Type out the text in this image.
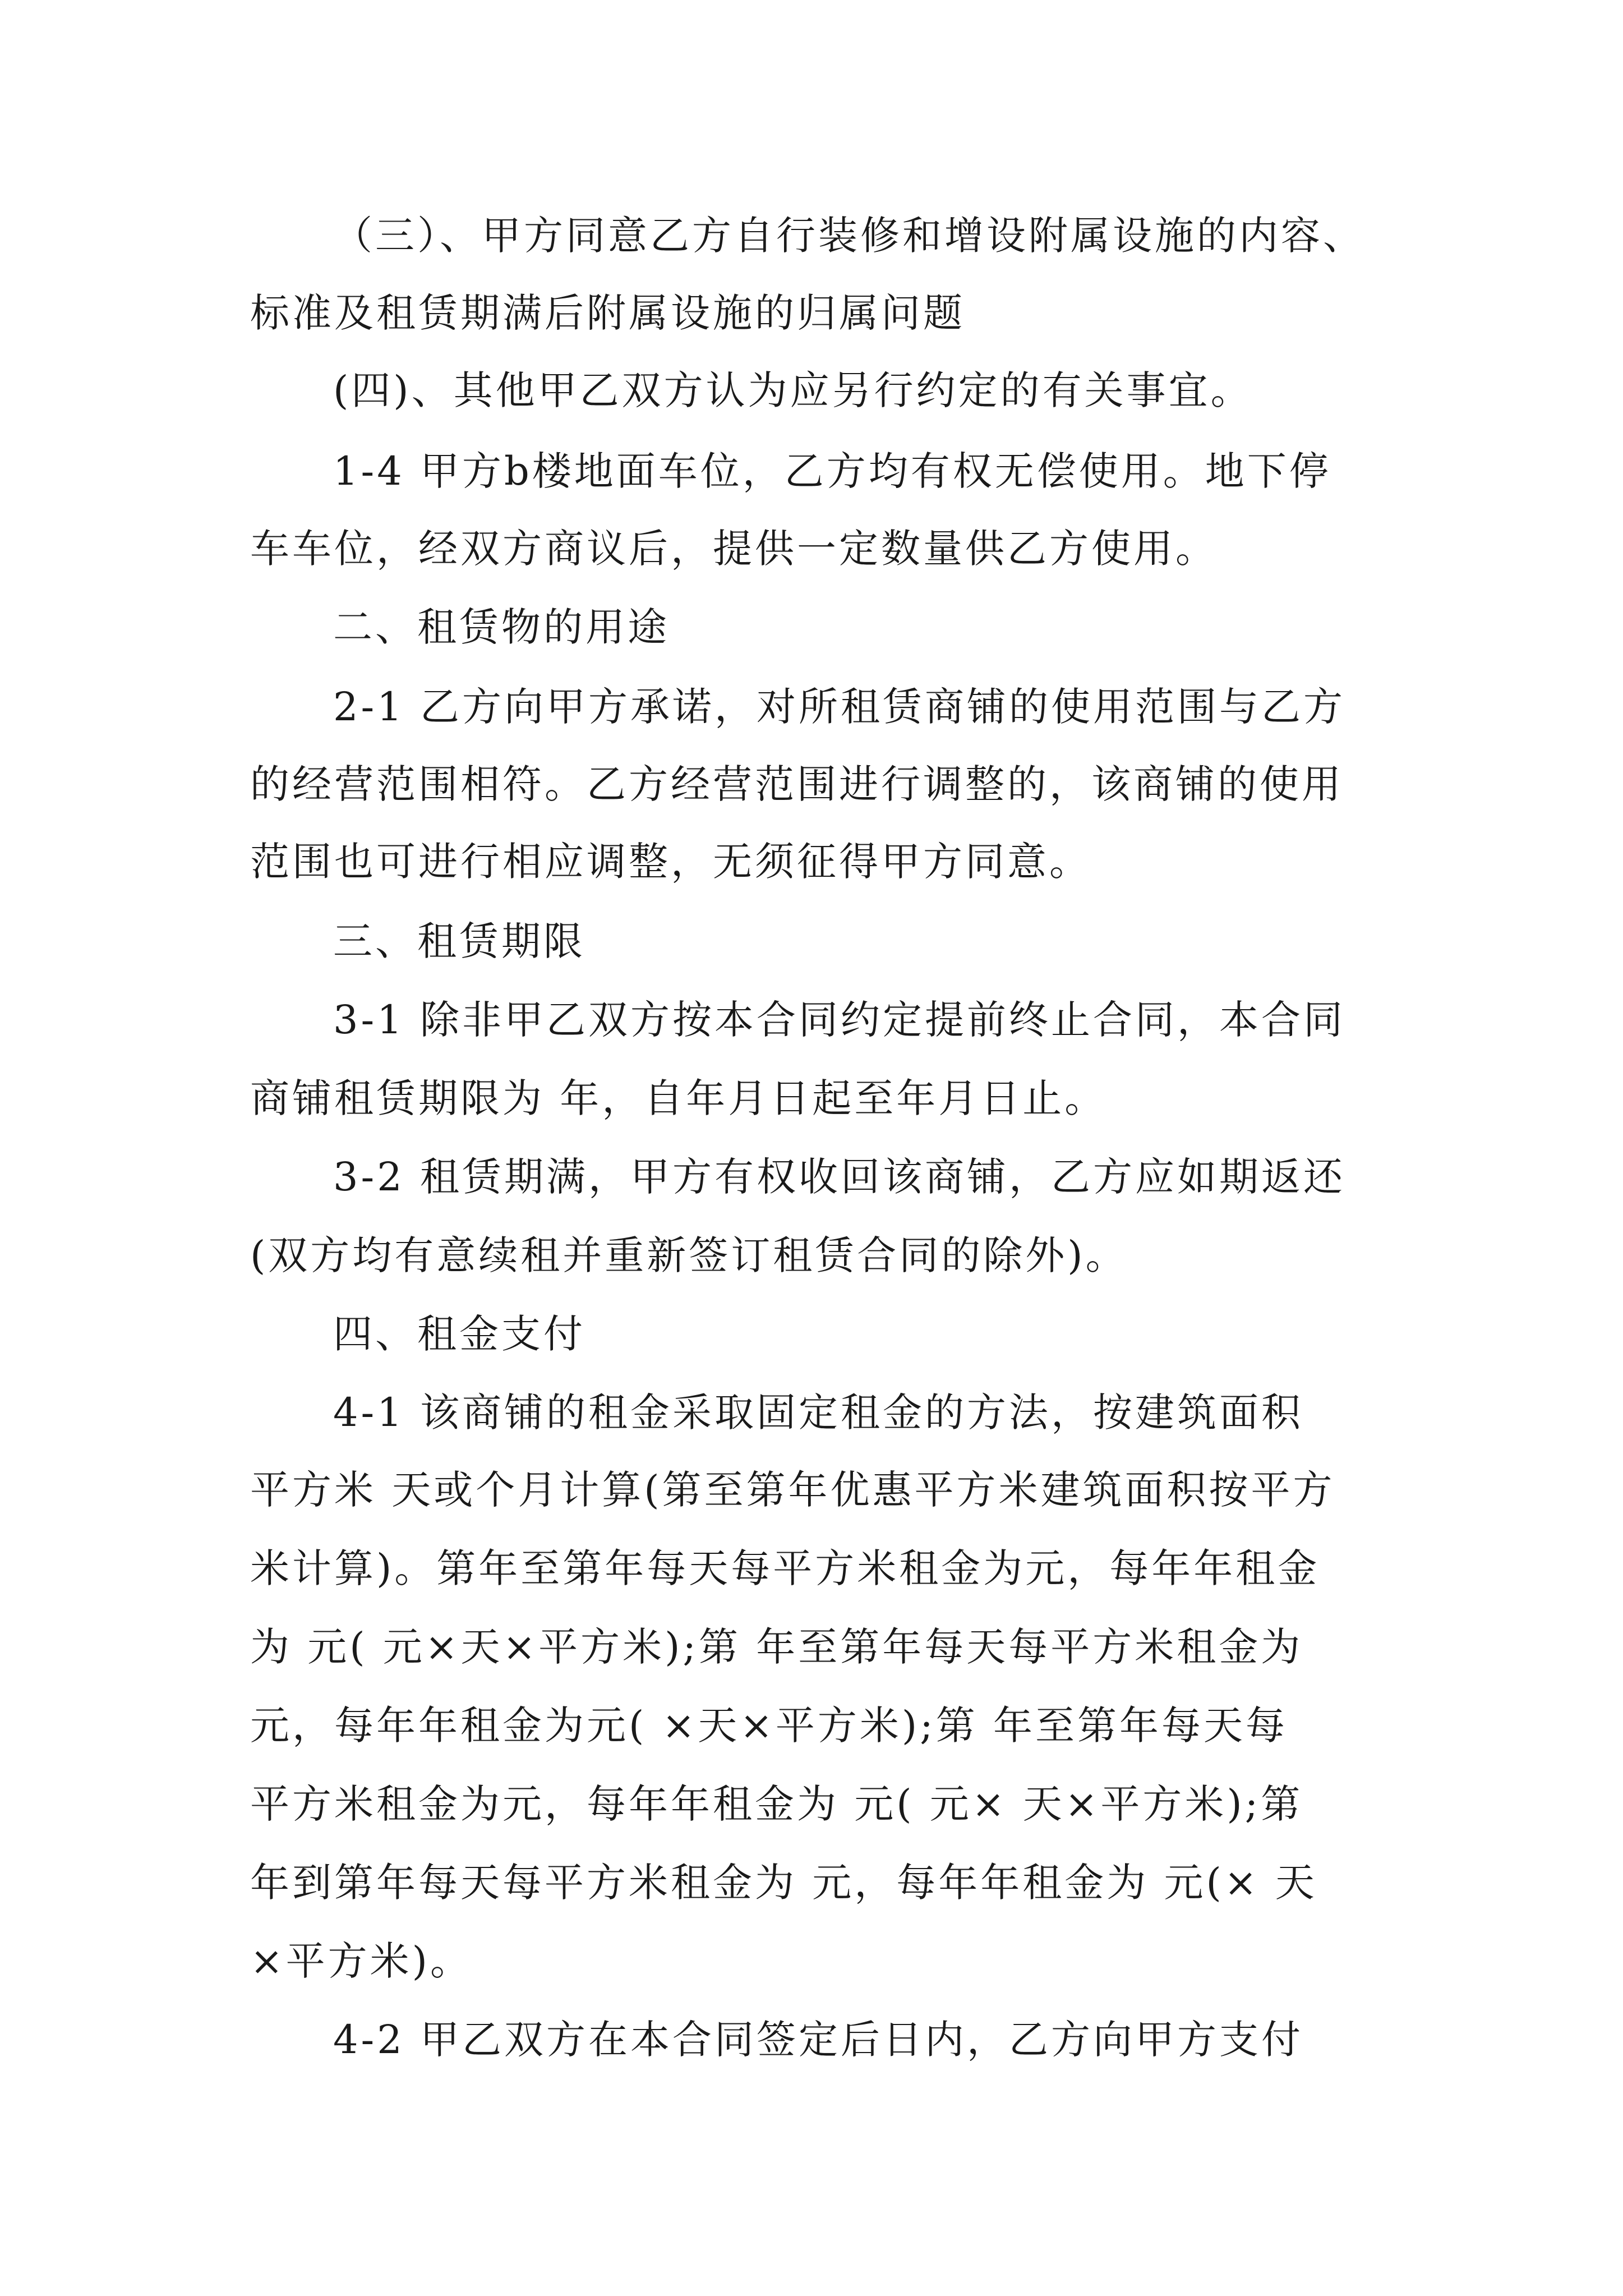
（三）、甲方同意乙方自行装修和增设附属设施的内容、

标准及租赁期满后附属设施的归属问题

(四)、其他甲乙双方认为应另行约定的有关事宜。

1-4 甲方b楼地面车位，乙方均有权无偿使用。地下停

车车位，经双方商议后，提供一定数量供乙方使用。

二、租赁物的用途

2-1 乙方向甲方承诺，对所租赁商铺的使用范围与乙方

的经营范围相符。乙方经营范围进行调整的，该商铺的使用

范围也可进行相应调整，无须征得甲方同意。

三、租赁期限

3-1 除非甲乙双方按本合同约定提前终止合同，本合同

商铺租赁期限为 年，自年月日起至年月日止。

3-2 租赁期满，甲方有权收回该商铺，乙方应如期返还

(双方均有意续租并重新签订租赁合同的除外)。

四、租金支付

4-1 该商铺的租金采取固定租金的方法，按建筑面积

平方米 天或个月计算(第至第年优惠平方米建筑面积按平方

米计算)。第年至第年每天每平方米租金为元，每年年租金

为 元( 元×天×平方米);第 年至第年每天每平方米租金为

元，每年年租金为元( ×天×平方米);第 年至第年每天每

平方米租金为元，每年年租金为 元( 元× 天×平方米);第

年到第年每天每平方米租金为 元，每年年租金为 元(× 天

×平方米)。

4-2 甲乙双方在本合同签定后日内，乙方向甲方支付
